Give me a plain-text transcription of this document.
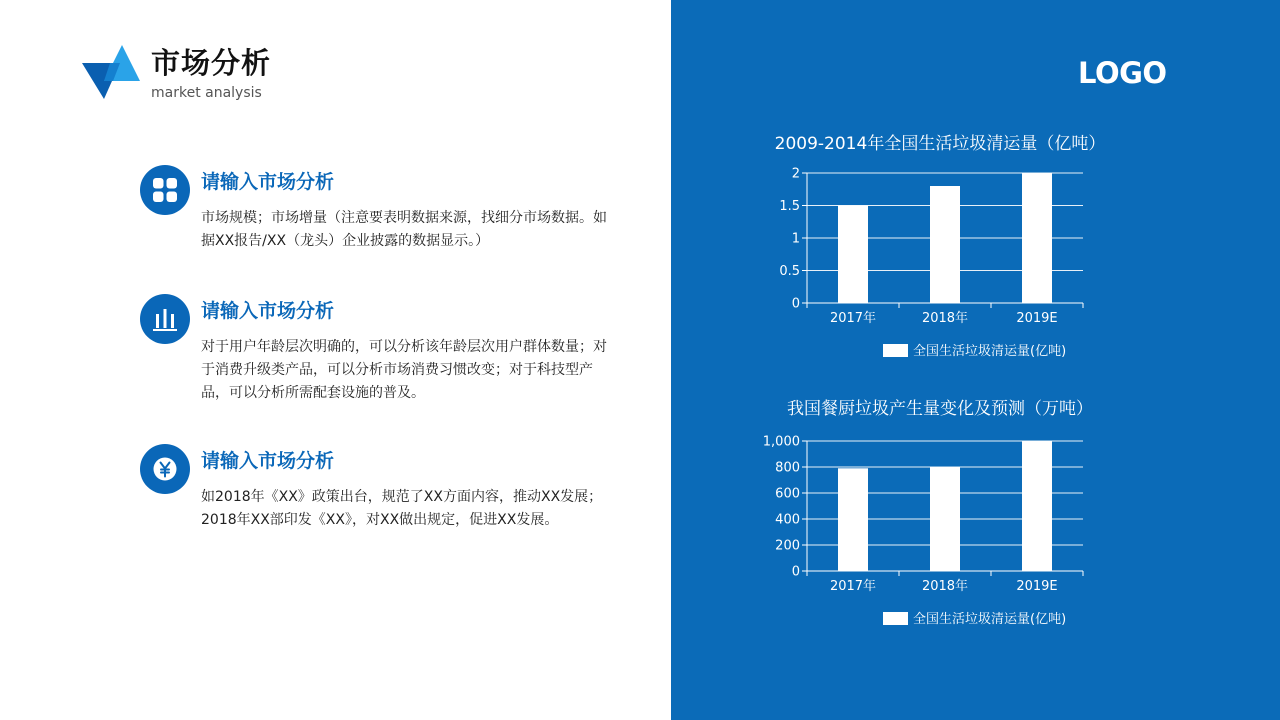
市场分析
market analysis
请输入市场分析
市场规模；市场增量（注意要表明数据来源，找细分市场数据。如据XX报告/XX（龙头）企业披露的数据显示。）
请输入市场分析
对于用户年龄层次明确的，可以分析该年龄层次用户群体数量；对于消费升级类产品，可以分析市场消费习惯改变；对于科技型产品，可以分析所需配套设施的普及。
请输入市场分析
如2018年《XX》政策出台，规范了XX方面内容，推动XX发展；2018年XX部印发《XX》，对XX做出规定，促进XX发展。
LOGO
2009-2014年全国生活垃圾清运量（亿吨）
0
0.5
1
1.5
2
2017年	2018年	2019E
全国生活垃圾清运量(亿吨)
我国餐厨垃圾产生量变化及预测（万吨）
0
200
400
600
800
1,000
2017年	2018年	2019E
全国生活垃圾清运量(亿吨)
